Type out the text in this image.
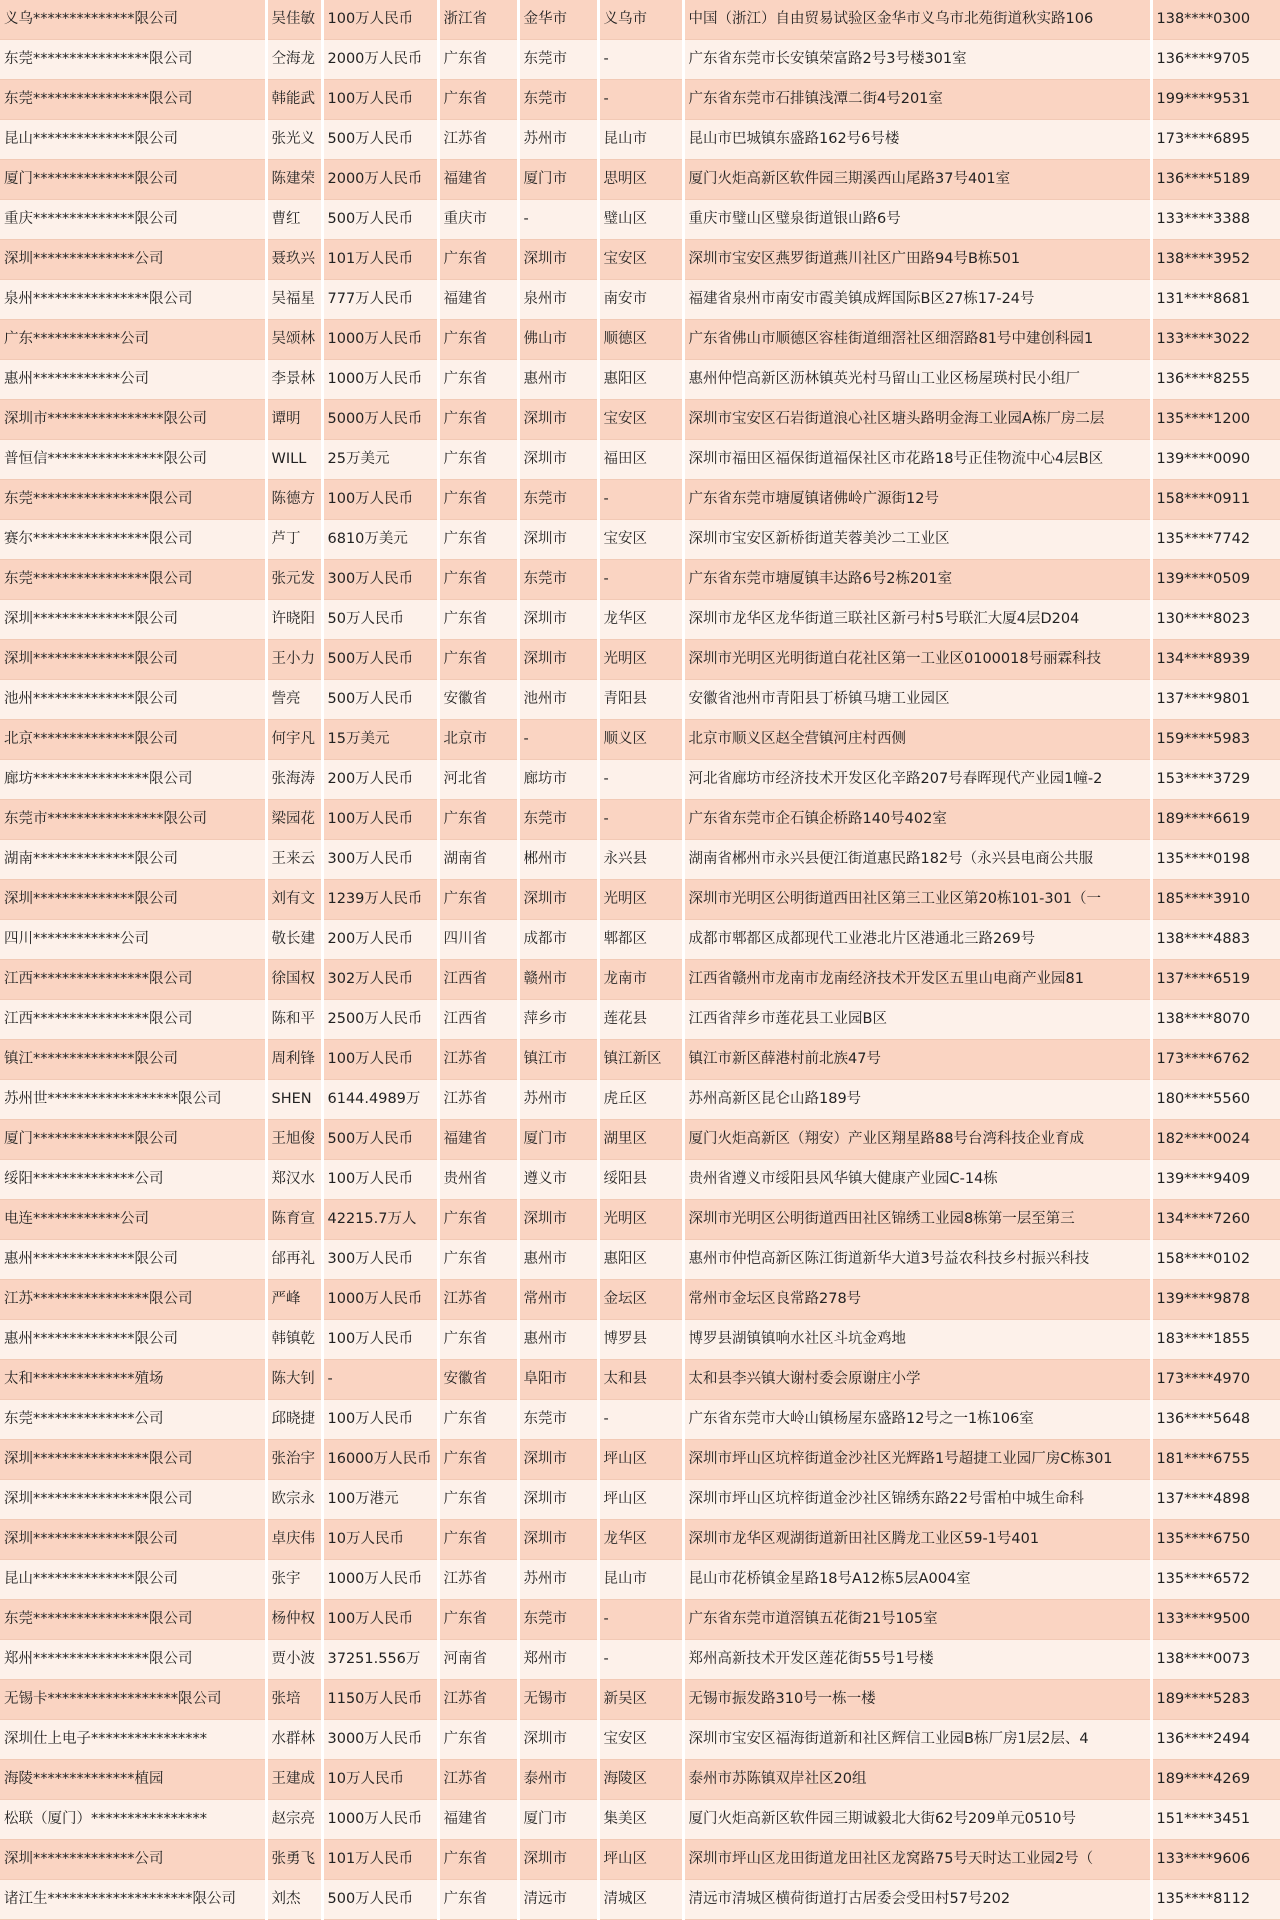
义乌**************限公司	吴佳敏	100万人民币	浙江省	金华市	义乌市	中国（浙江）自由贸易试验区金华市义乌市北苑街道秋实路106	138****0300
东莞****************限公司	仝海龙	2000万人民币	广东省	东莞市	-	广东省东莞市长安镇荣富路2号3号楼301室	136****9705
东莞****************限公司	韩能武	100万人民币	广东省	东莞市	-	广东省东莞市石排镇浅潭二街4号201室	199****9531
昆山**************限公司	张光义	500万人民币	江苏省	苏州市	昆山市	昆山市巴城镇东盛路162号6号楼	173****6895
厦门**************限公司	陈建荣	2000万人民币	福建省	厦门市	思明区	厦门火炬高新区软件园三期溪西山尾路37号401室	136****5189
重庆**************限公司	曹红	500万人民币	重庆市	-	璧山区	重庆市璧山区璧泉街道银山路6号	133****3388
深圳**************公司	聂玖兴	101万人民币	广东省	深圳市	宝安区	深圳市宝安区燕罗街道燕川社区广田路94号B栋501	138****3952
泉州****************限公司	吴福星	777万人民币	福建省	泉州市	南安市	福建省泉州市南安市霞美镇成辉国际B区27栋17-24号	131****8681
广东************公司	吴颂林	1000万人民币	广东省	佛山市	顺德区	广东省佛山市顺德区容桂街道细滘社区细滘路81号中建创科园1	133****3022
惠州************公司	李景林	1000万人民币	广东省	惠州市	惠阳区	惠州仲恺高新区沥林镇英光村马留山工业区杨屋瑛村民小组厂	136****8255
深圳市****************限公司	谭明	5000万人民币	广东省	深圳市	宝安区	深圳市宝安区石岩街道浪心社区塘头路明金海工业园A栋厂房二层	135****1200
普恒信****************限公司	WILL	25万美元	广东省	深圳市	福田区	深圳市福田区福保街道福保社区市花路18号正佳物流中心4层B区	139****0090
东莞****************限公司	陈德方	100万人民币	广东省	东莞市	-	广东省东莞市塘厦镇诸佛岭广源街12号	158****0911
赛尔****************限公司	芦丁	6810万美元	广东省	深圳市	宝安区	深圳市宝安区新桥街道芙蓉美沙二工业区	135****7742
东莞****************限公司	张元发	300万人民币	广东省	东莞市	-	广东省东莞市塘厦镇丰达路6号2栋201室	139****0509
深圳**************限公司	许晓阳	50万人民币	广东省	深圳市	龙华区	深圳市龙华区龙华街道三联社区新弓村5号联汇大厦4层D204	130****8023
深圳**************限公司	王小力	500万人民币	广东省	深圳市	光明区	深圳市光明区光明街道白花社区第一工业区0100018号丽霖科技	134****8939
池州**************限公司	訾亮	500万人民币	安徽省	池州市	青阳县	安徽省池州市青阳县丁桥镇马塘工业园区	137****9801
北京**************限公司	何宇凡	15万美元	北京市	-	顺义区	北京市顺义区赵全营镇河庄村西侧	159****5983
廊坊****************限公司	张海涛	200万人民币	河北省	廊坊市	-	河北省廊坊市经济技术开发区化辛路207号春晖现代产业园1幢-2	153****3729
东莞市****************限公司	梁园花	100万人民币	广东省	东莞市	-	广东省东莞市企石镇企桥路140号402室	189****6619
湖南**************限公司	王来云	300万人民币	湖南省	郴州市	永兴县	湖南省郴州市永兴县便江街道惠民路182号（永兴县电商公共服	135****0198
深圳**************限公司	刘有文	1239万人民币	广东省	深圳市	光明区	深圳市光明区公明街道西田社区第三工业区第20栋101-301（一	185****3910
四川************公司	敬长建	200万人民币	四川省	成都市	郫都区	成都市郫都区成都现代工业港北片区港通北三路269号	138****4883
江西****************限公司	徐国权	302万人民币	江西省	赣州市	龙南市	江西省赣州市龙南市龙南经济技术开发区五里山电商产业园81	137****6519
江西****************限公司	陈和平	2500万人民币	江西省	萍乡市	莲花县	江西省萍乡市莲花县工业园B区	138****8070
镇江**************限公司	周利锋	100万人民币	江苏省	镇江市	镇江新区	镇江市新区薛港村前北族47号	173****6762
苏州世******************限公司	SHEN	6144.4989万	江苏省	苏州市	虎丘区	苏州高新区昆仑山路189号	180****5560
厦门**************限公司	王旭俊	500万人民币	福建省	厦门市	湖里区	厦门火炬高新区（翔安）产业区翔星路88号台湾科技企业育成	182****0024
绥阳**************公司	郑汉水	100万人民币	贵州省	遵义市	绥阳县	贵州省遵义市绥阳县风华镇大健康产业园C-14栋	139****9409
电连************公司	陈育宣	42215.7万人	广东省	深圳市	光明区	深圳市光明区公明街道西田社区锦绣工业园8栋第一层至第三	134****7260
惠州**************限公司	邰再礼	300万人民币	广东省	惠州市	惠阳区	惠州市仲恺高新区陈江街道新华大道3号益农科技乡村振兴科技	158****0102
江苏****************限公司	严峰	1000万人民币	江苏省	常州市	金坛区	常州市金坛区良常路278号	139****9878
惠州**************限公司	韩镇乾	100万人民币	广东省	惠州市	博罗县	博罗县湖镇镇响水社区斗坑金鸡地	183****1855
太和**************殖场	陈大钊	-	安徽省	阜阳市	太和县	太和县李兴镇大谢村委会原谢庄小学	173****4970
东莞**************公司	邱晓捷	100万人民币	广东省	东莞市	-	广东省东莞市大岭山镇杨屋东盛路12号之一1栋106室	136****5648
深圳****************限公司	张治宇	16000万人民币	广东省	深圳市	坪山区	深圳市坪山区坑梓街道金沙社区光辉路1号超捷工业园厂房C栋301	181****6755
深圳****************限公司	欧宗永	100万港元	广东省	深圳市	坪山区	深圳市坪山区坑梓街道金沙社区锦绣东路22号雷柏中城生命科	137****4898
深圳**************限公司	卓庆伟	10万人民币	广东省	深圳市	龙华区	深圳市龙华区观湖街道新田社区腾龙工业区59-1号401	135****6750
昆山**************限公司	张宇	1000万人民币	江苏省	苏州市	昆山市	昆山市花桥镇金星路18号A12栋5层A004室	135****6572
东莞****************限公司	杨仲权	100万人民币	广东省	东莞市	-	广东省东莞市道滘镇五花街21号105室	133****9500
郑州****************限公司	贾小波	37251.556万	河南省	郑州市	-	郑州高新技术开发区莲花街55号1号楼	138****0073
无锡卡******************限公司	张培	1150万人民币	江苏省	无锡市	新吴区	无锡市振发路310号一栋一楼	189****5283
深圳仕上电子****************	水群林	3000万人民币	广东省	深圳市	宝安区	深圳市宝安区福海街道新和社区辉信工业园B栋厂房1层2层、4	136****2494
海陵**************植园	王建成	10万人民币	江苏省	泰州市	海陵区	泰州市苏陈镇双岸社区20组	189****4269
松联（厦门）****************	赵宗亮	1000万人民币	福建省	厦门市	集美区	厦门火炬高新区软件园三期诚毅北大街62号209单元0510号	151****3451
深圳**************公司	张勇飞	101万人民币	广东省	深圳市	坪山区	深圳市坪山区龙田街道龙田社区龙窝路75号天时达工业园2号（	133****9606
诸江生********************限公司	刘杰	500万人民币	广东省	清远市	清城区	清远市清城区横荷街道打古居委会受田村57号202	135****8112
